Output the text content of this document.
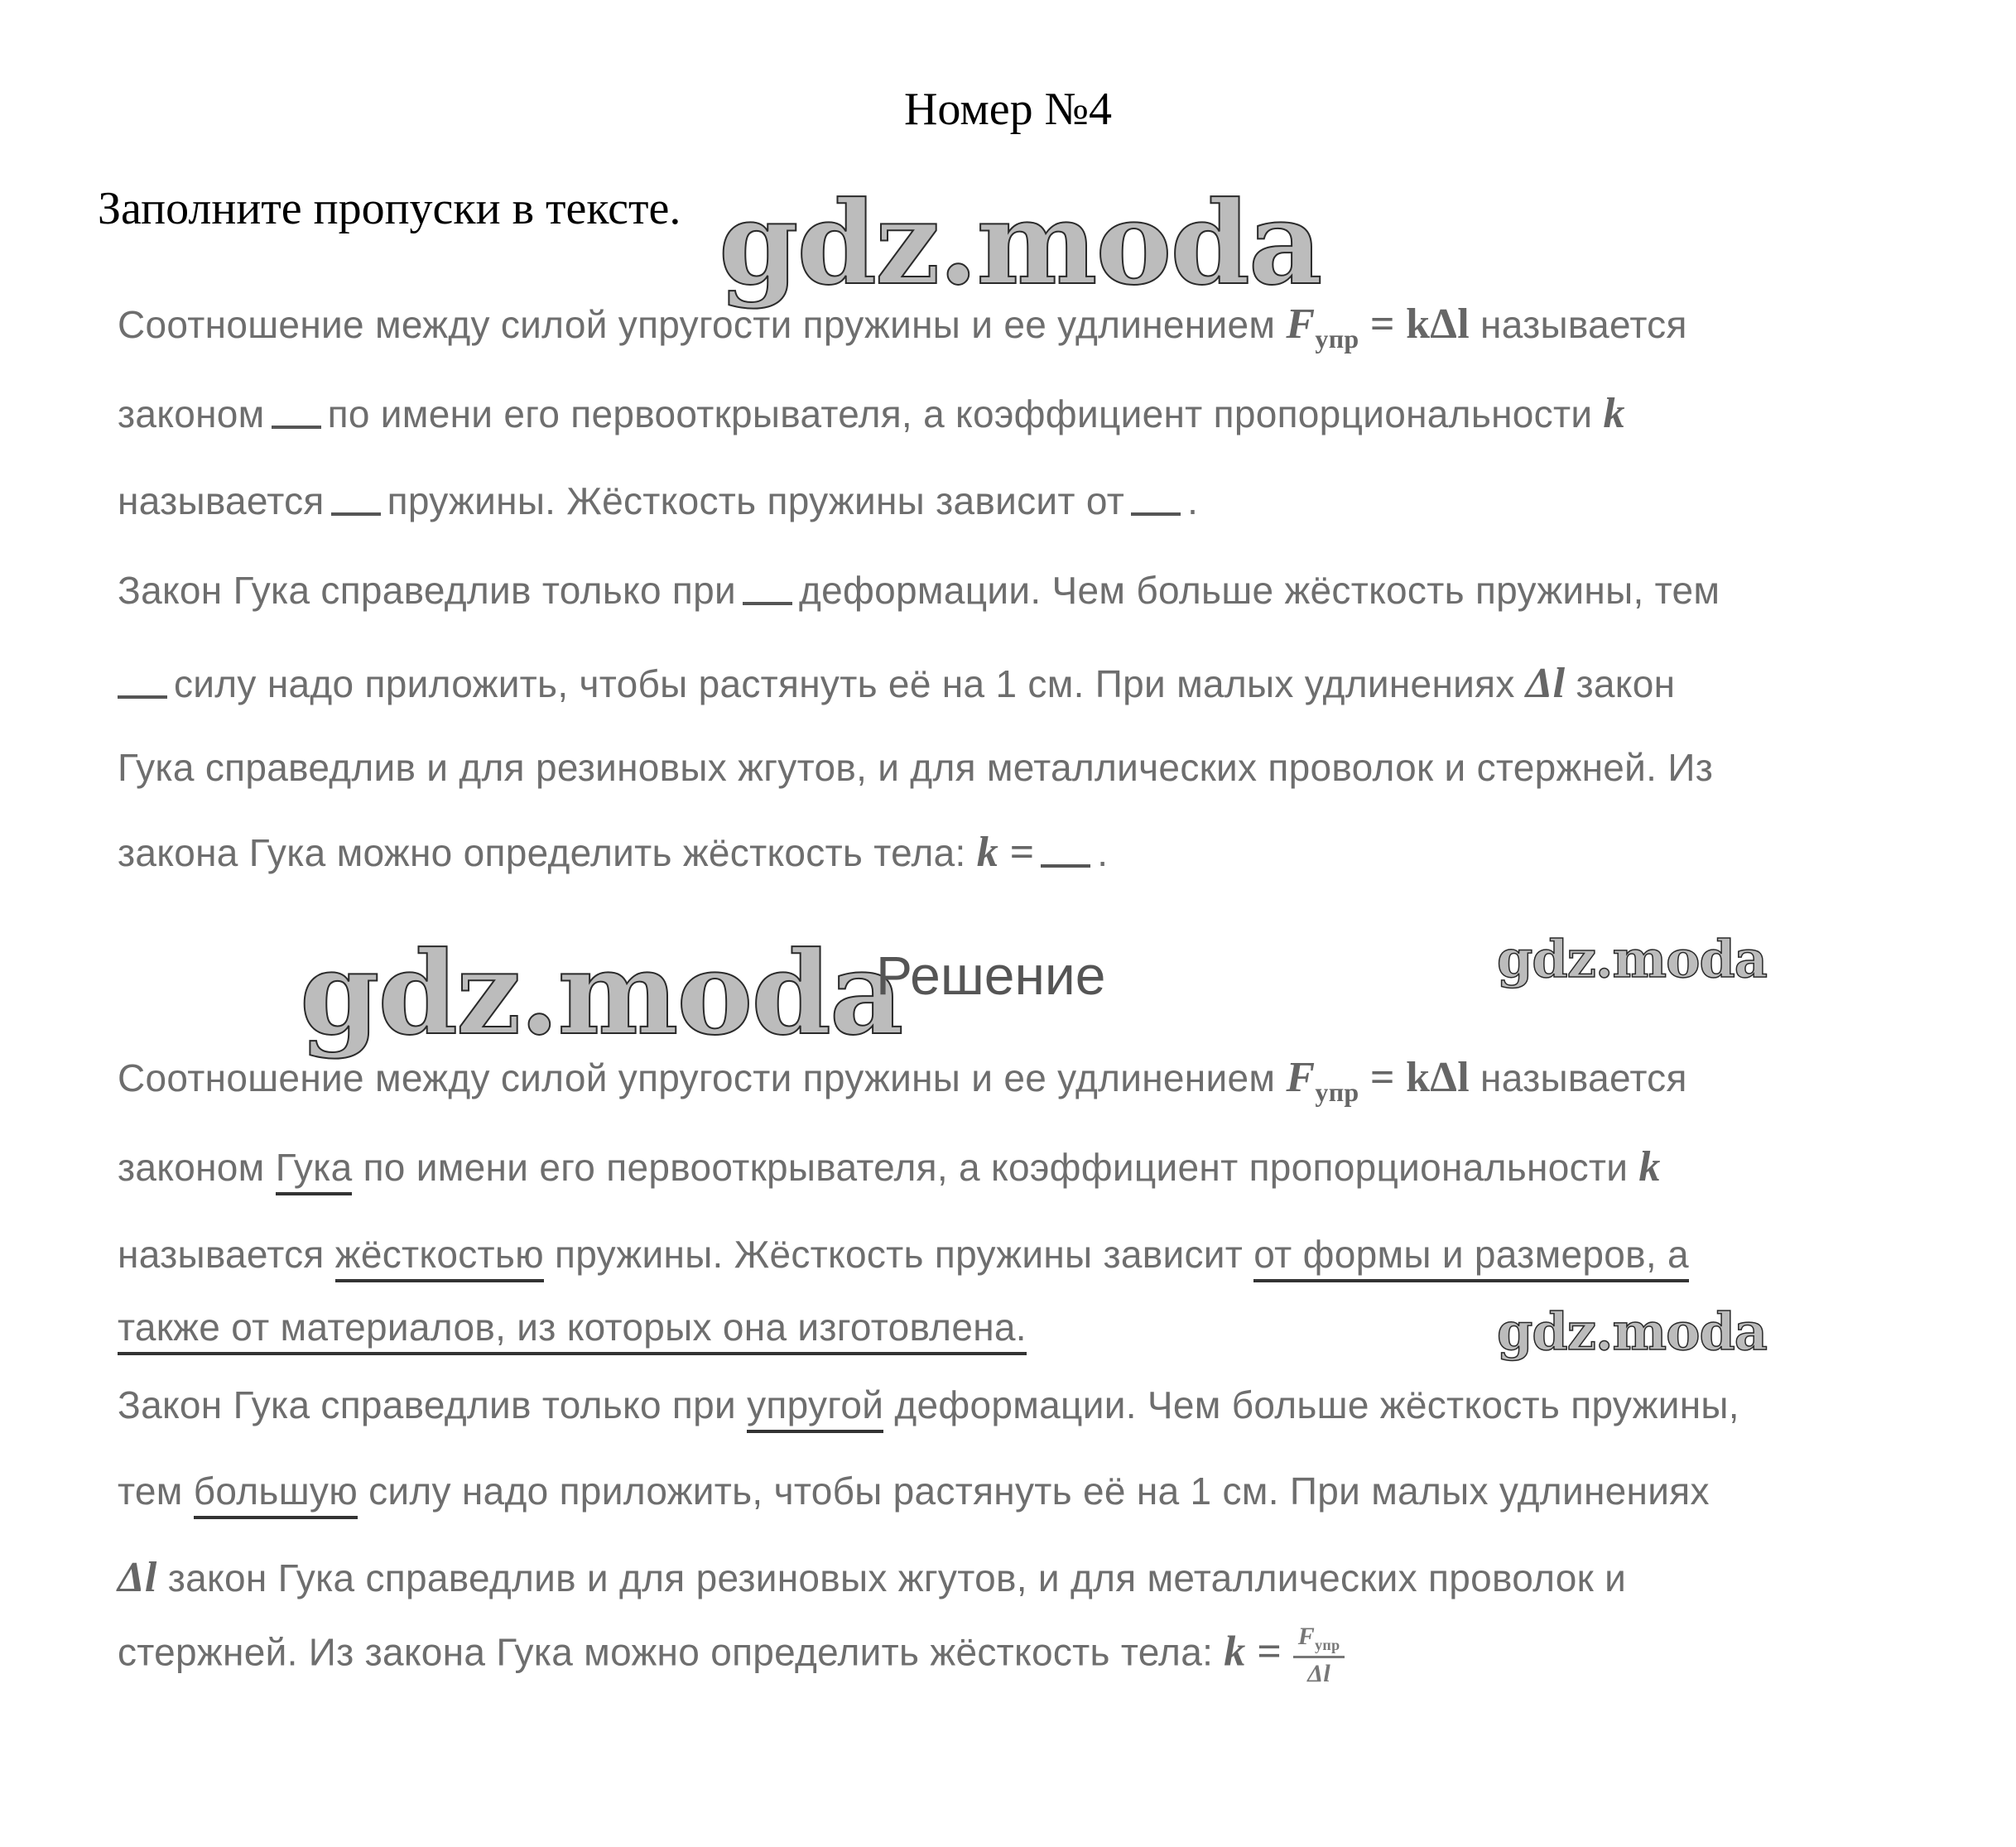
Номер №4
Заполните пропуски в тексте. gdz.moda
gdz.moda	gdz.moda
gdz.moda
Соотношение между силой упругости пружины и ее удлинением $F_{упр} = k\Delta l$ называется
законом по имени его первооткрывателя, а коэффициент пропорциональности k
называется пружины. Жёсткость пружины зависит от .
Закон Гука справедлив только при деформации. Чем больше жёсткость пружины, тем
силу надо приложить, чтобы растянуть её на 1 см. При малых удлинениях Δl закон
Гука справедлив и для резиновых жгутов, и для металлических проволок и стержней. Из
закона Гука можно определить жёсткость тела: k = .
Решение
Соотношение между силой упругости пружины и ее удлинением $F_{упр} = k\Delta l$ называется
законом Гука по имени его первооткрывателя, а коэффициент пропорциональности k
называется жёсткостью пружины. Жёсткость пружины зависит от формы и размеров, а
также от материалов, из которых она изготовлена.
Закон Гука справедлив только при упругой деформации. Чем больше жёсткость пружины,
тем большую силу надо приложить, чтобы растянуть её на 1 см. При малых удлинениях
Δl закон Гука справедлив и для резиновых жгутов, и для металлических проволок и
стержней. Из закона Гука можно определить жёсткость тела: $k = \frac{F_{упр}}{\Delta l}$
